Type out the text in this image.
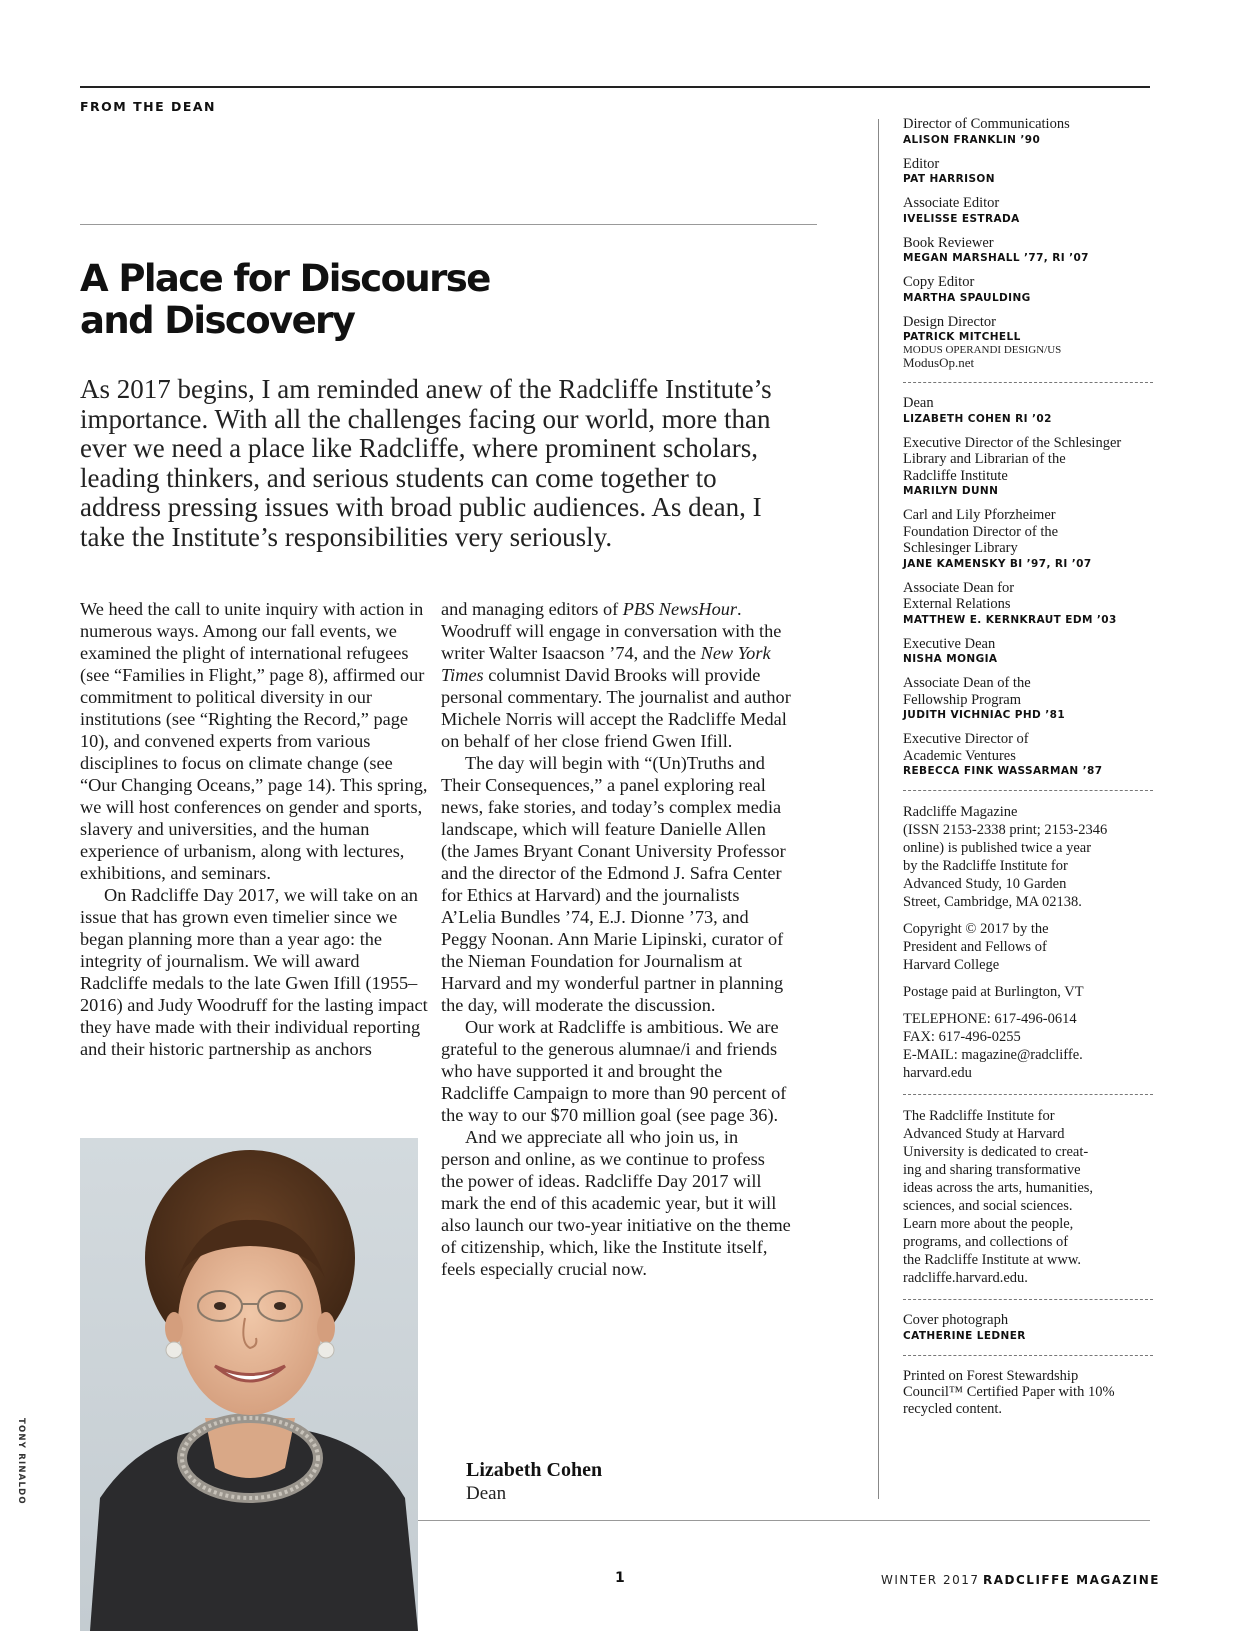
FROM THE DEAN
A Place for Discourse
and Discovery

As 2017 begins, I am reminded anew of the Radcliffe Institute’s importance. With all the challenges facing our world, more than ever we need a place like Radcliffe, where prominent scholars, leading thinkers, and serious students can come together to address pressing issues with broad public audiences. As dean, I take the Institute’s responsibilities very seriously.

We heed the call to unite inquiry with action in numerous ways. Among our fall events, we examined the plight of international refugees (see “Families in Flight,” page 8), affirmed our commitment to political diversity in our institutions (see “Righting the Record,” page 10), and convened experts from various disciplines to focus on climate change (see “Our Changing Oceans,” page 14). This spring, we will host conferences on gender and sports, slavery and universities, and the human experience of urbanism, along with lectures, exhibitions, and seminars.

On Radcliffe Day 2017, we will take on an issue that has grown even timelier since we began planning more than a year ago: the integrity of journalism. We will award Radcliffe medals to the late Gwen Ifill (1955–2016) and Judy Woodruff for the lasting impact they have made with their individual reporting and their historic partnership as anchors

and managing editors of PBS NewsHour. Woodruff will engage in conversation with the writer Walter Isaacson ’74, and the New York Times columnist David Brooks will provide personal commentary. The journalist and author Michele Norris will accept the Radcliffe Medal on behalf of her close friend Gwen Ifill.

The day will begin with “(Un)Truths and Their Consequences,” a panel exploring real news, fake stories, and today’s complex media landscape, which will feature Danielle Allen (the James Bryant Conant University Professor and the director of the Edmond J. Safra Center for Ethics at Harvard) and the journalists A’Lelia Bundles ’74, E.J. Dionne ’73, and Peggy Noonan. Ann Marie Lipinski, curator of the Nieman Foundation for Journalism at Harvard and my wonderful partner in planning the day, will moderate the discussion.

Our work at Radcliffe is ambitious. We are grateful to the generous alumnae/i and friends who have supported it and brought the Radcliffe Campaign to more than 90 percent of the way to our $70 million goal (see page 36).

And we appreciate all who join us, in person and online, as we continue to profess the power of ideas. Radcliffe Day 2017 will mark the end of this academic year, but it will also launch our two-year initiative on the theme of citizenship, which, like the Institute itself, feels especially crucial now.

TONY RINALDO	Lizabeth Cohen
Dean
1	WINTER 2017 RADCLIFFE MAGAZINE
Director of Communications
ALISON FRANKLIN ’90
Editor
PAT HARRISON
Associate Editor
IVELISSE ESTRADA
Book Reviewer
MEGAN MARSHALL ’77, RI ’07
Copy Editor
MARTHA SPAULDING
Design Director
PATRICK MITCHELL
MODUS OPERANDI DESIGN/US
ModusOp.net
Dean
LIZABETH COHEN RI ’02
Executive Director of the Schlesinger
Library and Librarian of the
Radcliffe Institute
MARILYN DUNN
Carl and Lily Pforzheimer
Foundation Director of the
Schlesinger Library
JANE KAMENSKY BI ’97, RI ’07
Associate Dean for
External Relations
MATTHEW E. KERNKRAUT EDM ’03
Executive Dean
NISHA MONGIA
Associate Dean of the
Fellowship Program
JUDITH VICHNIAC PHD ’81
Executive Director of
Academic Ventures
REBECCA FINK WASSARMAN ’87
Radcliffe Magazine
(ISSN 2153-2338 print; 2153-2346
online) is published twice a year
by the Radcliffe Institute for
Advanced Study, 10 Garden
Street, Cambridge, MA 02138.
Copyright © 2017 by the
President and Fellows of
Harvard College
Postage paid at Burlington, VT
TELEPHONE: 617-496-0614
FAX: 617-496-0255
E-MAIL: magazine@radcliffe.
harvard.edu
The Radcliffe Institute for
Advanced Study at Harvard
University is dedicated to creat-
ing and sharing transformative
ideas across the arts, humanities,
sciences, and social sciences.
Learn more about the people,
programs, and collections of
the Radcliffe Institute at www.
radcliffe.harvard.edu.
Cover photograph
CATHERINE LEDNER
Printed on Forest Stewardship
Council™ Certified Paper with 10%
recycled content.
